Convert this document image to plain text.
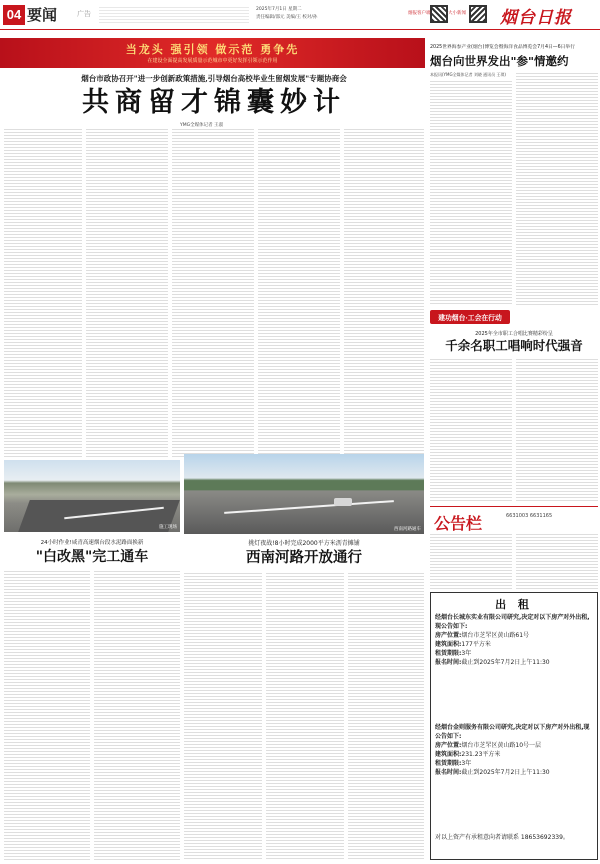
04 要闻	广告
2025年7月1日 星期二
责任编辑/邵元 美编/王 校对/孙
烟报客户端	大小新闻 烟台日报
当龙头 强引领 做示范 勇争先
在建设全面提高发展质量示范城市中更好发挥引领示范作用
烟台市政协召开"进一步创新政策措施,引导烟台高校毕业生留烟发展"专题协商会
共商留才锦囊妙计
YMG全媒体记者 王淑
2025世界海参产业(烟台)博览会暨海洋食品博览会7月4日—6日举行
烟台向世界发出"参"情邀约
本报讯(YMG全媒体记者 刘晓 通讯员 王琪)
建功烟台·工会在行动
2025年全市职工合唱比赛精彩纷呈
千余名职工唱响时代强音
施工现场	西南河路通车
24小时作业!咸青高速烟台段水泥路面换新
"白改黑"完工通车
挑灯夜战!8小时完成2000平方米沥青摊铺
西南河路开放通行
公告栏	6631003 6631165
出 租
经烟台长城东实业有限公司研究,决定对以下房产对外出租,现公告如下:
房产位置:烟台市芝罘区黄山路61号
建筑面积:177平方米
租赁期限:3年
报名时间:截止到2025年7月2日上午11:30
经烟台金则服务有限公司研究,决定对以下房产对外出租,现公告如下:
房产位置:烟台市芝罘区黄山路10号一层
建筑面积:231.23平方米
租赁期限:3年
报名时间:截止到2025年7月2日上午11:30
对以上资产有承租意向者请联系 18653692339。
